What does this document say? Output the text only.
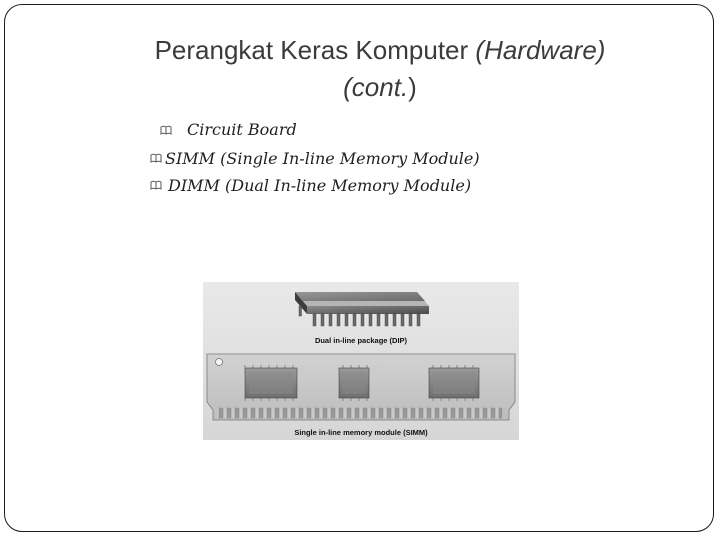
Perangkat Keras Komputer (Hardware)
(cont.)
Circuit Board
SIMM (Single In-line Memory Module)
DIMM (Dual In-line Memory Module)
Dual in-line package (DIP)
Single in-line memory module (SIMM)
